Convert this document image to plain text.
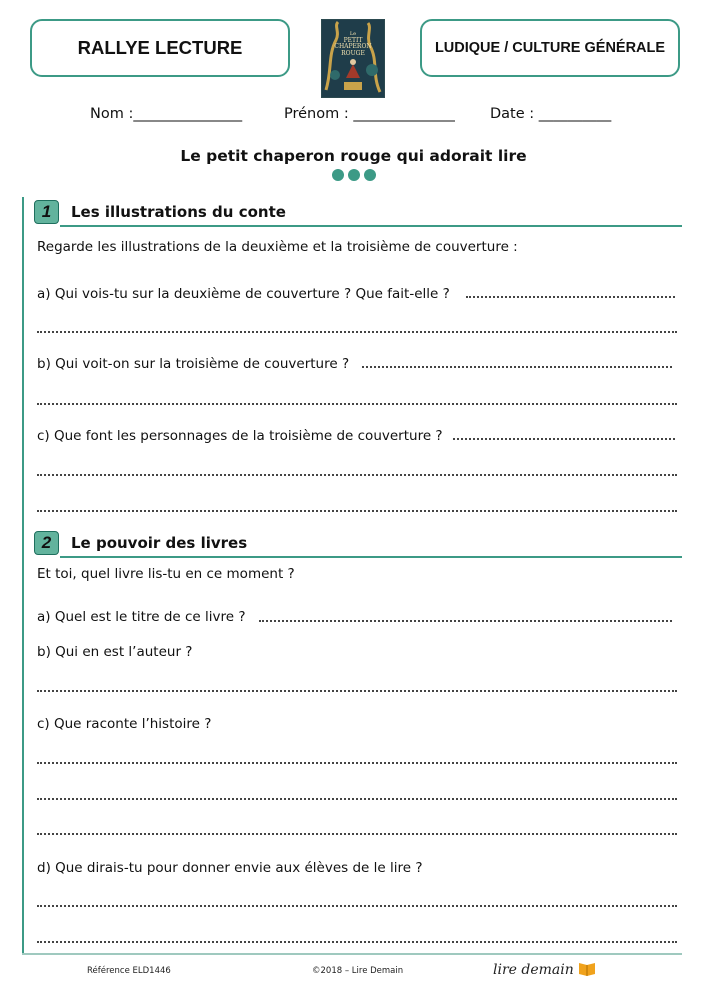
RALLYE LECTURE	LUDIQUE / CULTURE GÉNÉRALE
Le
PETIT
CHAPERON
ROUGE
Nom :_______________	Prénom : ______________ Date : __________
Le petit chaperon rouge qui adorait lire
1	Les illustrations du conte
Regarde les illustrations de la deuxième et la troisième de couverture :
a) Qui vois-tu sur la deuxième de couverture ? Que fait-elle ?
b) Qui voit-on sur la troisième de couverture ?
c) Que font les personnages de la troisième de couverture ?
2	Le pouvoir des livres
Et toi, quel livre lis-tu en ce moment ?
a) Quel est le titre de ce livre ?
b) Qui en est l’auteur ?
c) Que raconte l’histoire ?
d) Que dirais-tu pour donner envie aux élèves de le lire ?
Référence ELD1446	©2018 – Lire Demain	lire demain
